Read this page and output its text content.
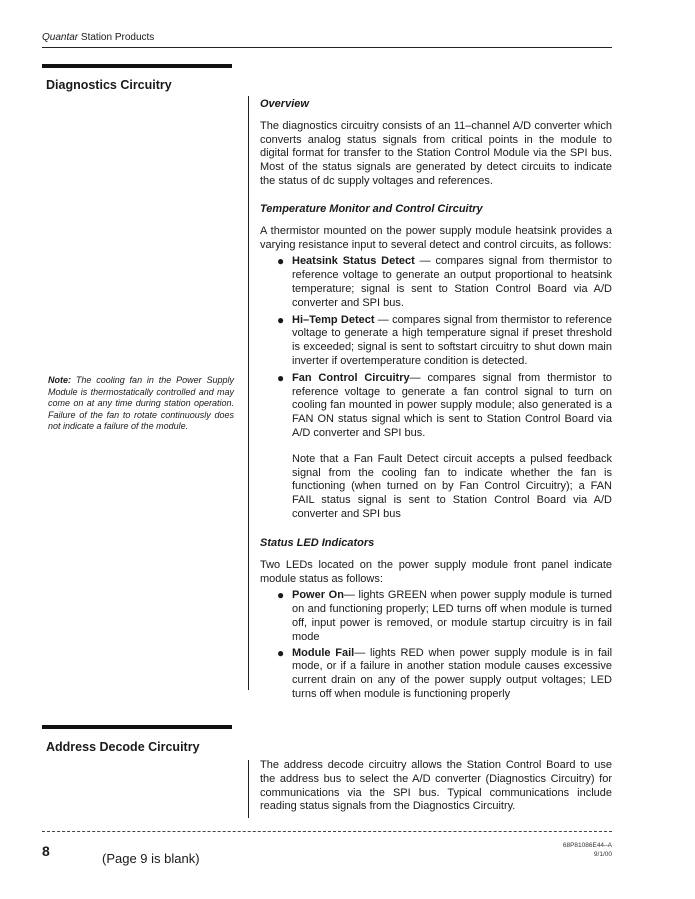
Quantar Station Products
Diagnostics Circuitry
Overview

The diagnostics circuitry consists of an 11–channel A/D converter which converts analog status signals from critical points in the module to digital format for transfer to the Station Control Module via the SPI bus. Most of the status signals are generated by detect circuits to indicate the status of dc supply voltages and references.

Temperature Monitor and Control Circuitry

A thermistor mounted on the power supply module heatsink provides a varying resistance input to several detect and control circuits, as follows:

● Heatsink Status Detect — compares signal from thermistor to reference voltage to generate an output proportional to heatsink temperature; signal is sent to Station Control Board via A/D converter and SPI bus.
● Hi–Temp Detect — compares signal from thermistor to reference voltage to generate a high temperature signal if preset threshold is exceeded; signal is sent to softstart circuitry to shut down main inverter if overtemperature condition is detected.
● Fan Control Circuitry— compares signal from thermistor to reference voltage to generate a fan control signal to turn on cooling fan mounted in power supply module; also generated is a FAN ON status signal which is sent to Station Control Board via A/D converter and SPI bus.
Note that a Fan Fault Detect circuit accepts a pulsed feedback signal from the cooling fan to indicate whether the fan is functioning (when turned on by Fan Control Circuitry); a FAN FAIL status signal is sent to Station Control Board via A/D converter and SPI bus
Note: The cooling fan in the Power Supply Module is thermostatically controlled and may come on at any time during station operation. Failure of the fan to rotate continuously does not indicate a failure of the module.
Status LED Indicators

Two LEDs located on the power supply module front panel indicate module status as follows:

● Power On— lights GREEN when power supply module is turned on and functioning properly; LED turns off when module is turned off, input power is removed, or module startup circuitry is in fail mode
● Module Fail— lights RED when power supply module is in fail mode, or if a failure in another station module causes excessive current drain on any of the power supply output voltages; LED turns off when module is functioning properly
Address Decode Circuitry

The address decode circuitry allows the Station Control Board to use the address bus to select the A/D converter (Diagnostics Circuitry) for communications via the SPI bus. Typical communications include reading status signals from the Diagnostics Circuitry.

8	(Page 9 is blank)
68P81086E44–A
9/1/00
